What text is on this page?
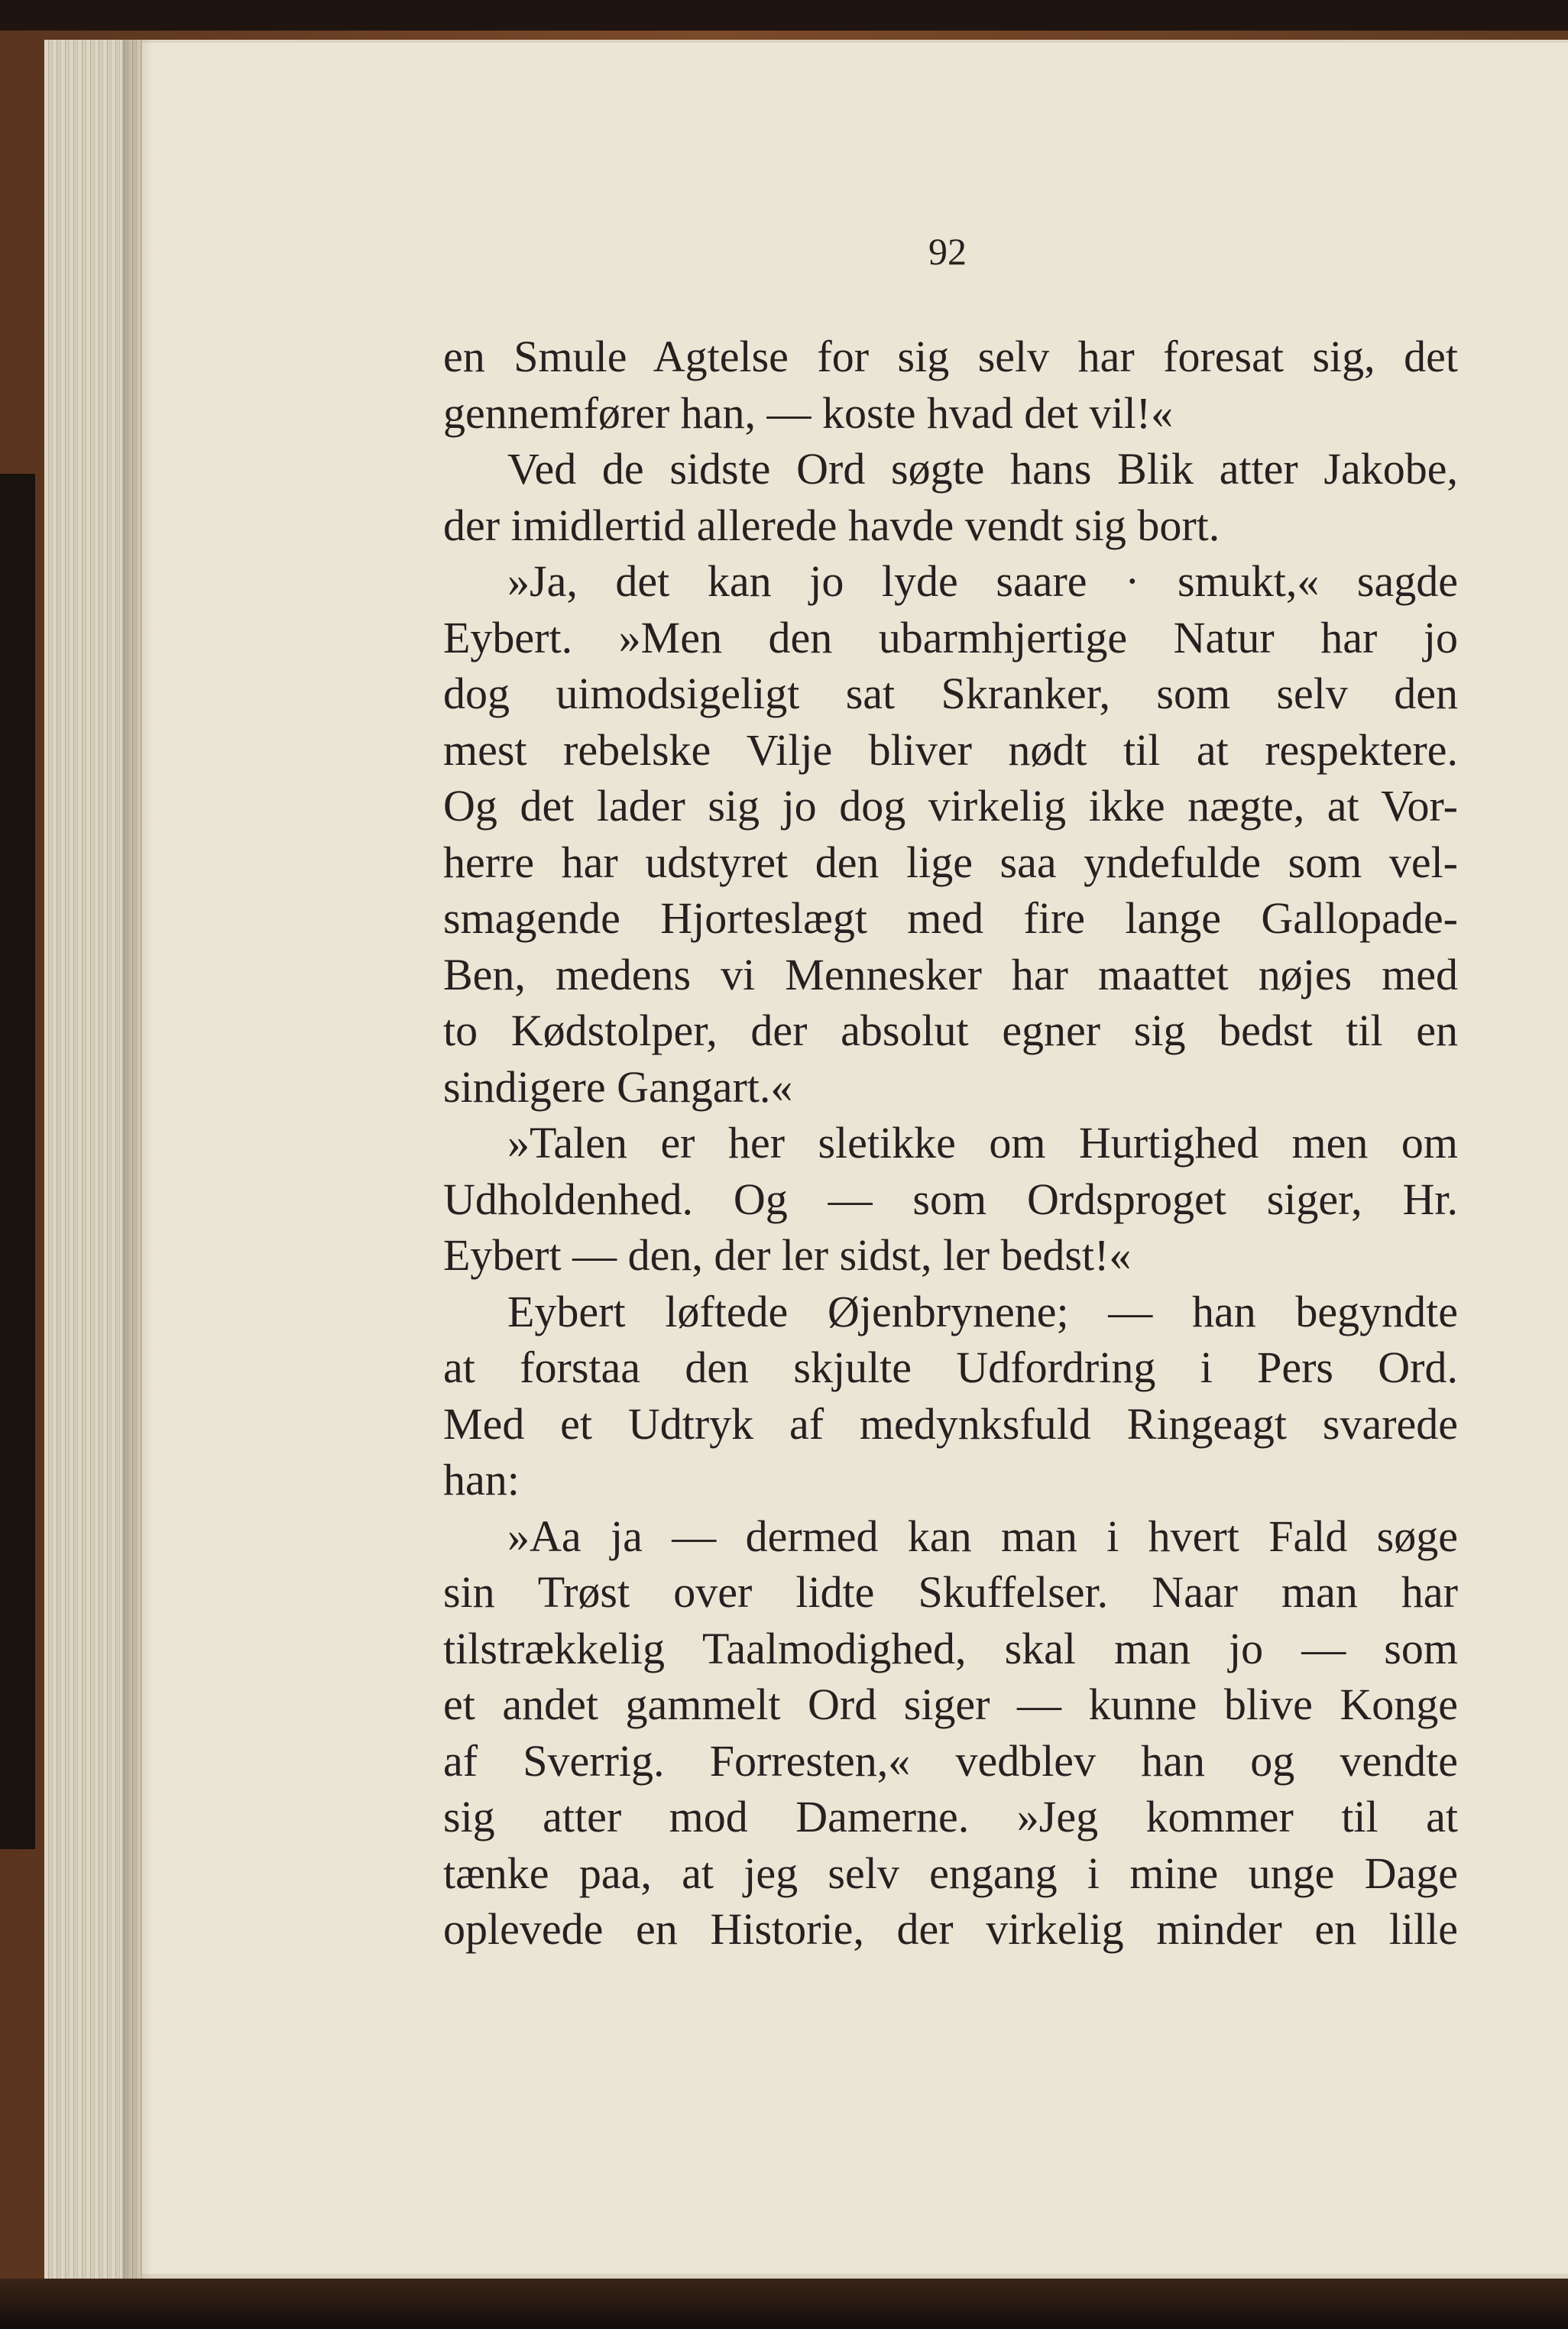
92
en Smule Agtelse for sig selv har foresat sig, det
gennemfører han, — koste hvad det vil!«
Ved de sidste Ord søgte hans Blik atter Jakobe,
der imidlertid allerede havde vendt sig bort.
»Ja, det kan jo lyde saare · smukt,« sagde
Eybert. »Men den ubarmhjertige Natur har jo
dog uimodsigeligt sat Skranker, som selv den
mest rebelske Vilje bliver nødt til at respektere.
Og det lader sig jo dog virkelig ikke nægte, at Vor-
herre har udstyret den lige saa yndefulde som vel-
smagende Hjorteslægt med fire lange Gallopade-
Ben, medens vi Mennesker har maattet nøjes med
to Kødstolper, der absolut egner sig bedst til en
sindigere Gangart.«
»Talen er her sletikke om Hurtighed men om
Udholdenhed. Og — som Ordsproget siger, Hr.
Eybert — den, der ler sidst, ler bedst!«
Eybert løftede Øjenbrynene; — han begyndte
at forstaa den skjulte Udfordring i Pers Ord.
Med et Udtryk af medynksfuld Ringeagt svarede
han:
»Aa ja — dermed kan man i hvert Fald søge
sin Trøst over lidte Skuffelser. Naar man har
tilstrækkelig Taalmodighed, skal man jo — som
et andet gammelt Ord siger — kunne blive Konge
af Sverrig. Forresten,« vedblev han og vendte
sig atter mod Damerne. »Jeg kommer til at
tænke paa, at jeg selv engang i mine unge Dage
oplevede en Historie, der virkelig minder en lille
